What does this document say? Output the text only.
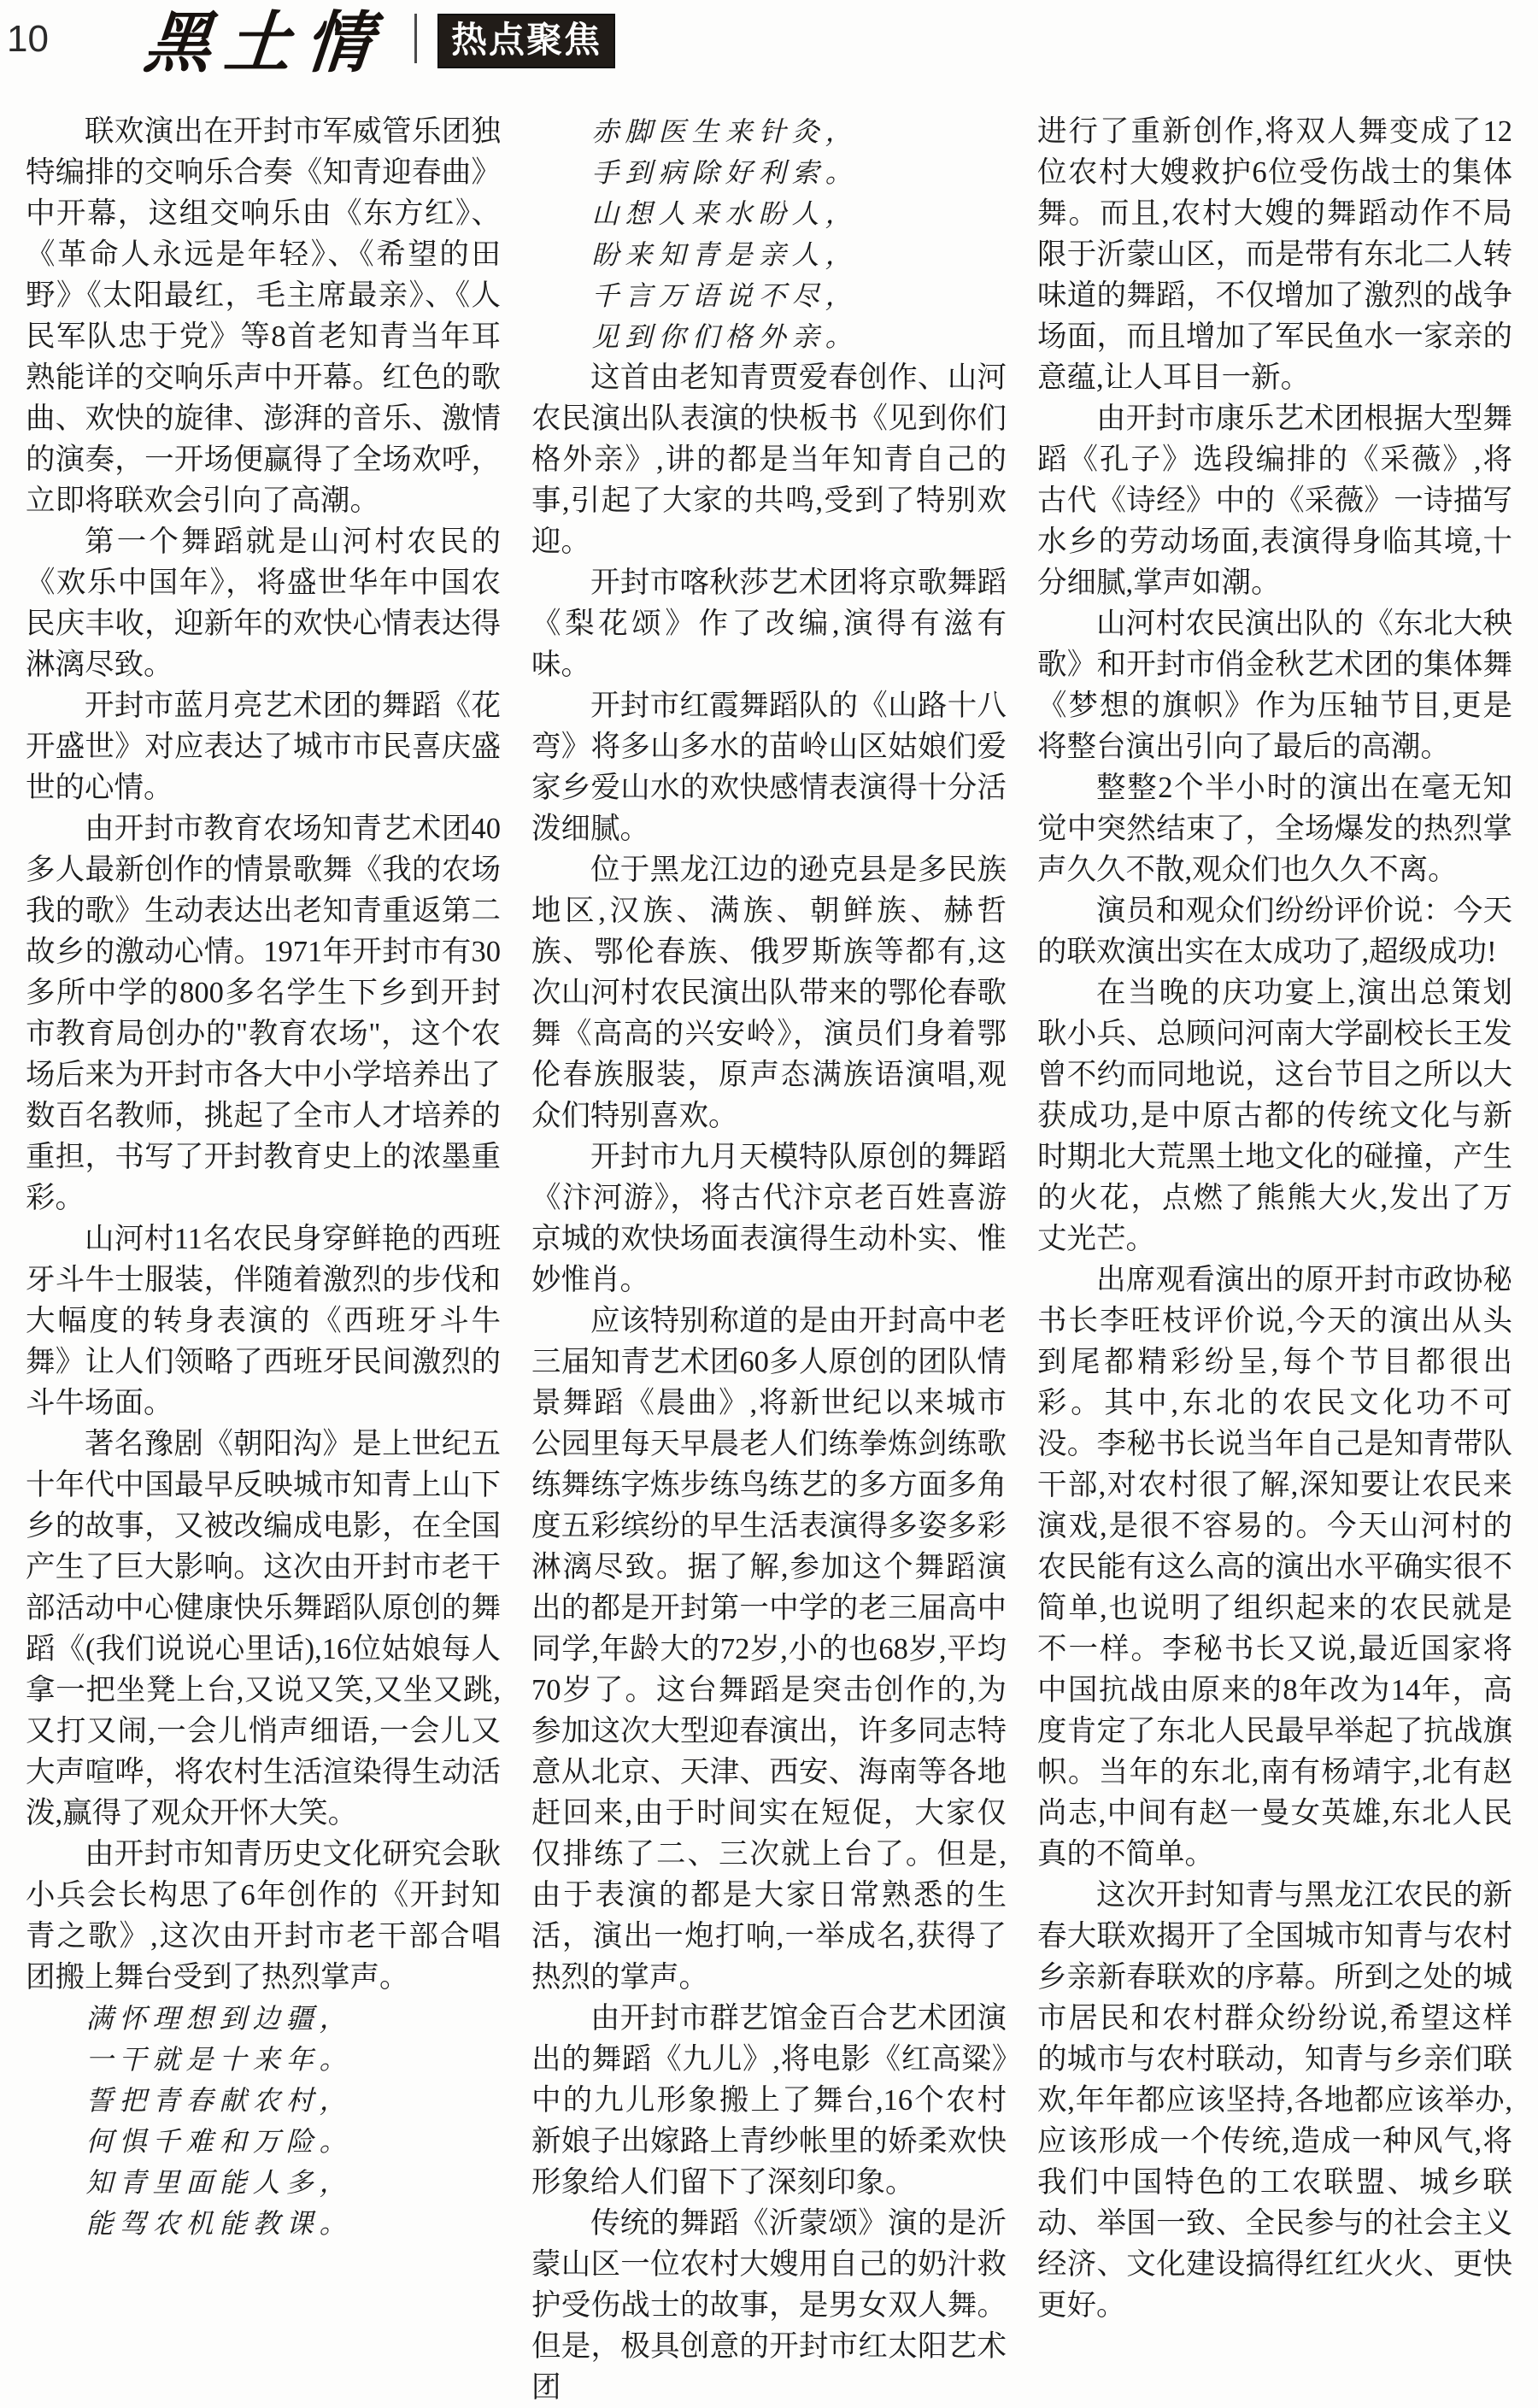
10 黑土情	热点聚焦

联欢演出在开封市军威管乐团独特编排的交响乐合奏《知青迎春曲》中开幕，这组交响乐由《东方红》、《革命人永远是年轻》、《希望的田野》《太阳最红，毛主席最亲》、《人民军队忠于党》等8首老知青当年耳熟能详的交响乐声中开幕。红色的歌曲、欢快的旋律、澎湃的音乐、激情的演奏，一开场便赢得了全场欢呼，立即将联欢会引向了高潮。

第一个舞蹈就是山河村农民的《欢乐中国年》，将盛世华年中国农民庆丰收，迎新年的欢快心情表达得淋漓尽致。

开封市蓝月亮艺术团的舞蹈《花开盛世》对应表达了城市市民喜庆盛世的心情。

由开封市教育农场知青艺术团40多人最新创作的情景歌舞《我的农场我的歌》生动表达出老知青重返第二故乡的激动心情。1971年开封市有30多所中学的800多名学生下乡到开封市教育局创办的"教育农场"，这个农场后来为开封市各大中小学培养出了数百名教师，挑起了全市人才培养的重担，书写了开封教育史上的浓墨重彩。

山河村11名农民身穿鲜艳的西班牙斗牛士服装，伴随着激烈的步伐和大幅度的转身表演的《西班牙斗牛舞》让人们领略了西班牙民间激烈的斗牛场面。

著名豫剧《朝阳沟》是上世纪五十年代中国最早反映城市知青上山下乡的故事，又被改编成电影，在全国产生了巨大影响。这次由开封市老干部活动中心健康快乐舞蹈队原创的舞蹈《(我们说说心里话),16位姑娘每人拿一把坐凳上台,又说又笑,又坐又跳,又打又闹,一会儿悄声细语,一会儿又大声喧哗，将农村生活渲染得生动活泼,赢得了观众开怀大笑。

由开封市知青历史文化研究会耿小兵会长构思了6年创作的《开封知青之歌》,这次由开封市老干部合唱团搬上舞台受到了热烈掌声。

满怀理想到边疆，

一干就是十来年。

誓把青春献农村，

何惧千难和万险。

知青里面能人多，

能驾农机能教课。

赤脚医生来针灸，

手到病除好利索。

山想人来水盼人，

盼来知青是亲人，

千言万语说不尽，

见到你们格外亲。

这首由老知青贾爱春创作、山河农民演出队表演的快板书《见到你们格外亲》,讲的都是当年知青自己的事,引起了大家的共鸣,受到了特别欢迎。

开封市喀秋莎艺术团将京歌舞蹈《梨花颂》作了改编,演得有滋有味。

开封市红霞舞蹈队的《山路十八弯》将多山多水的苗岭山区姑娘们爱家乡爱山水的欢快感情表演得十分活泼细腻。

位于黑龙江边的逊克县是多民族地区,汉族、满族、朝鲜族、赫哲族、鄂伦春族、俄罗斯族等都有,这次山河村农民演出队带来的鄂伦春歌舞《高高的兴安岭》，演员们身着鄂伦春族服装，原声态满族语演唱,观众们特别喜欢。

开封市九月天模特队原创的舞蹈《汴河游》，将古代汴京老百姓喜游京城的欢快场面表演得生动朴实、惟妙惟肖。

应该特别称道的是由开封高中老三届知青艺术团60多人原创的团队情景舞蹈《晨曲》,将新世纪以来城市公园里每天早晨老人们练拳炼剑练歌练舞练字炼步练鸟练艺的多方面多角度五彩缤纷的早生活表演得多姿多彩淋漓尽致。据了解,参加这个舞蹈演出的都是开封第一中学的老三届高中同学,年龄大的72岁,小的也68岁,平均70岁了。这台舞蹈是突击创作的,为参加这次大型迎春演出，许多同志特意从北京、天津、西安、海南等各地赶回来,由于时间实在短促，大家仅仅排练了二、三次就上台了。但是,由于表演的都是大家日常熟悉的生活，演出一炮打响,一举成名,获得了热烈的掌声。

由开封市群艺馆金百合艺术团演出的舞蹈《九儿》,将电影《红高粱》中的九儿形象搬上了舞台,16个农村新娘子出嫁路上青纱帐里的娇柔欢快形象给人们留下了深刻印象。

传统的舞蹈《沂蒙颂》演的是沂蒙山区一位农村大嫂用自己的奶汁救护受伤战士的故事，是男女双人舞。但是，极具创意的开封市红太阳艺术团

进行了重新创作,将双人舞变成了12位农村大嫂救护6位受伤战士的集体舞。而且,农村大嫂的舞蹈动作不局限于沂蒙山区，而是带有东北二人转味道的舞蹈，不仅增加了激烈的战争场面，而且增加了军民鱼水一家亲的意蕴,让人耳目一新。

由开封市康乐艺术团根据大型舞蹈《孔子》选段编排的《采薇》,将古代《诗经》中的《采薇》一诗描写水乡的劳动场面,表演得身临其境,十分细腻,掌声如潮。

山河村农民演出队的《东北大秧歌》和开封市俏金秋艺术团的集体舞《梦想的旗帜》作为压轴节目,更是将整台演出引向了最后的高潮。

整整2个半小时的演出在毫无知觉中突然结束了，全场爆发的热烈掌声久久不散,观众们也久久不离。

演员和观众们纷纷评价说：今天的联欢演出实在太成功了,超级成功!

在当晚的庆功宴上,演出总策划耿小兵、总顾问河南大学副校长王发曾不约而同地说，这台节目之所以大获成功,是中原古都的传统文化与新时期北大荒黑土地文化的碰撞，产生的火花，点燃了熊熊大火,发出了万丈光芒。

出席观看演出的原开封市政协秘书长李旺枝评价说,今天的演出从头到尾都精彩纷呈,每个节目都很出彩。其中,东北的农民文化功不可没。李秘书长说当年自己是知青带队干部,对农村很了解,深知要让农民来演戏,是很不容易的。今天山河村的农民能有这么高的演出水平确实很不简单,也说明了组织起来的农民就是不一样。李秘书长又说,最近国家将中国抗战由原来的8年改为14年，高度肯定了东北人民最早举起了抗战旗帜。当年的东北,南有杨靖宇,北有赵尚志,中间有赵一曼女英雄,东北人民真的不简单。

这次开封知青与黑龙江农民的新春大联欢揭开了全国城市知青与农村乡亲新春联欢的序幕。所到之处的城市居民和农村群众纷纷说,希望这样的城市与农村联动，知青与乡亲们联欢,年年都应该坚持,各地都应该举办,应该形成一个传统,造成一种风气,将我们中国特色的工农联盟、城乡联动、举国一致、全民参与的社会主义经济、文化建设搞得红红火火、更快更好。
